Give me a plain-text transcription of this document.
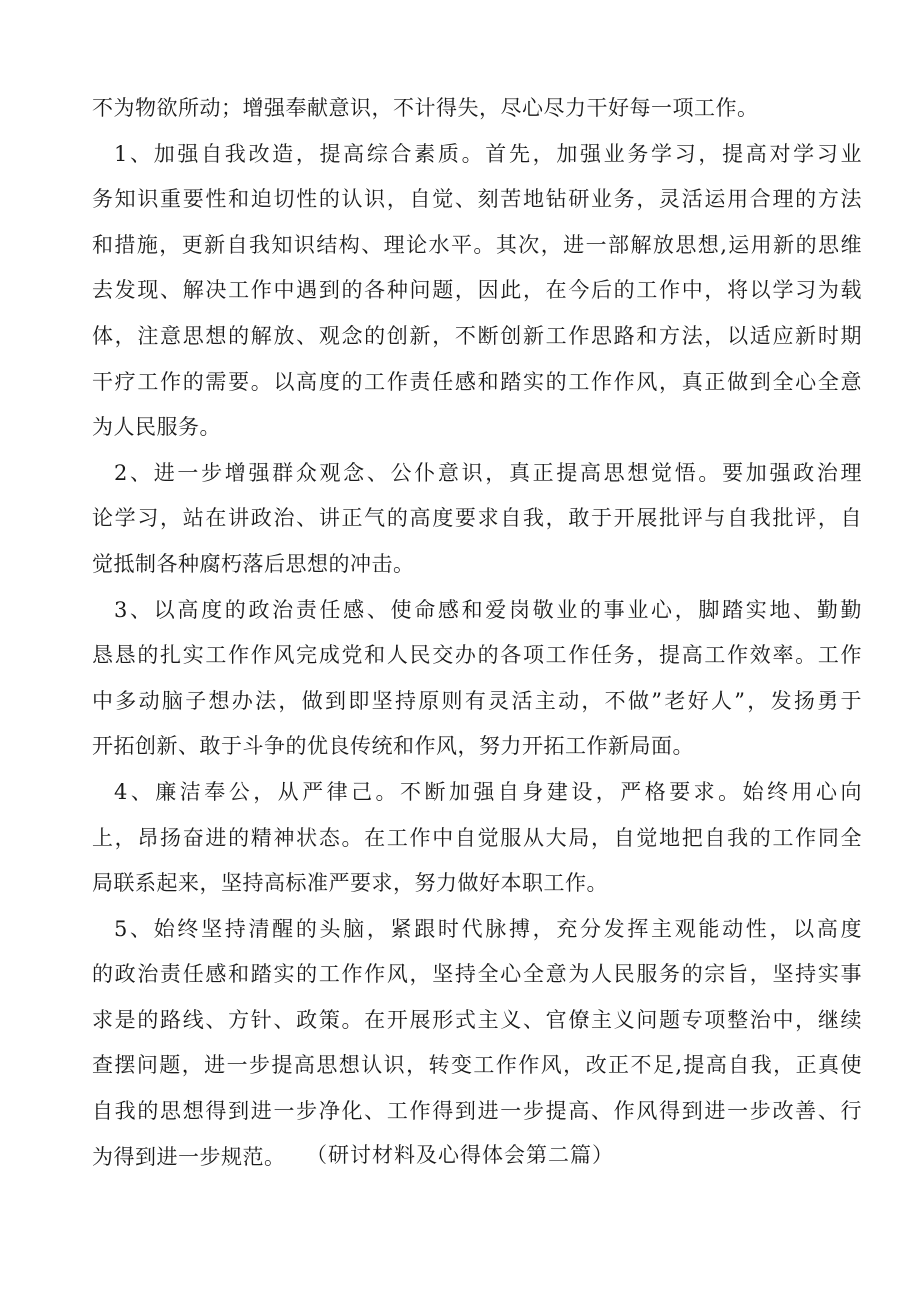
不为物欲所动；增强奉献意识，不计得失，尽心尽力干好每一项工作。
1、加强自我改造，提高综合素质。首先，加强业务学习，提高对学习业
务知识重要性和迫切性的认识，自觉、刻苦地钻研业务，灵活运用合理的方法
和措施，更新自我知识结构、理论水平。其次，进一部解放思想,运用新的思维
去发现、解决工作中遇到的各种问题，因此，在今后的工作中，将以学习为载
体，注意思想的解放、观念的创新，不断创新工作思路和方法，以适应新时期
干疗工作的需要。以高度的工作责任感和踏实的工作作风，真正做到全心全意
为人民服务。
2、进一步增强群众观念、公仆意识，真正提高思想觉悟。要加强政治理
论学习，站在讲政治、讲正气的高度要求自我，敢于开展批评与自我批评，自
觉抵制各种腐朽落后思想的冲击。
3、以高度的政治责任感、使命感和爱岗敬业的事业心，脚踏实地、勤勤
恳恳的扎实工作作风完成党和人民交办的各项工作任务，提高工作效率。工作
中多动脑子想办法，做到即坚持原则有灵活主动，不做”老好人”，发扬勇于
开拓创新、敢于斗争的优良传统和作风，努力开拓工作新局面。
4、廉洁奉公，从严律己。不断加强自身建设，严格要求。始终用心向
上，昂扬奋进的精神状态。在工作中自觉服从大局，自觉地把自我的工作同全
局联系起来，坚持高标准严要求，努力做好本职工作。
5、始终坚持清醒的头脑，紧跟时代脉搏，充分发挥主观能动性，以高度
的政治责任感和踏实的工作作风，坚持全心全意为人民服务的宗旨，坚持实事
求是的路线、方针、政策。在开展形式主义、官僚主义问题专项整治中，继续
查摆问题，进一步提高思想认识，转变工作作风，改正不足,提高自我，正真使
自我的思想得到进一步净化、工作得到进一步提高、作风得到进一步改善、行
为得到进一步规范。 （研讨材料及心得体会第二篇）
